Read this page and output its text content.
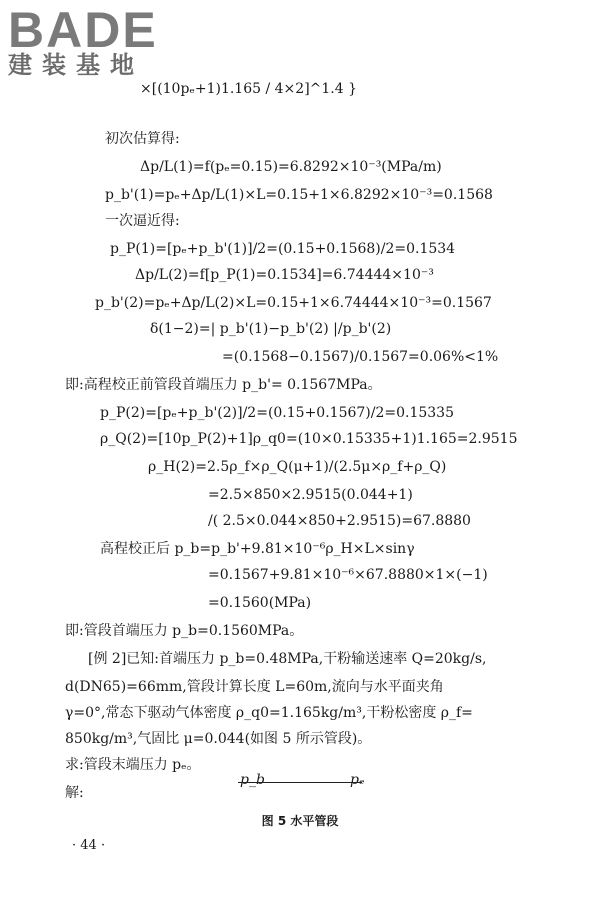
BADE
建装基地
×[(10pₑ+1)1.165 / 4×2]^1.4 }
初次估算得:
Δp/L(1)=f(pₑ=0.15)=6.8292×10⁻³(MPa/m)
p_b'(1)=pₑ+Δp/L(1)×L=0.15+1×6.8292×10⁻³=0.1568
一次逼近得:
p_P(1)=[pₑ+p_b'(1)]/2=(0.15+0.1568)/2=0.1534
Δp/L(2)=f[p_P(1)=0.1534]=6.74444×10⁻³
p_b'(2)=pₑ+Δp/L(2)×L=0.15+1×6.74444×10⁻³=0.1567
δ(1−2)=| p_b'(1)−p_b'(2) |/p_b'(2)
=(0.1568−0.1567)/0.1567=0.06%<1%
即:高程校正前管段首端压力 p_b'= 0.1567MPa。
p_P(2)=[pₑ+p_b'(2)]/2=(0.15+0.1567)/2=0.15335
ρ_Q(2)=[10p_P(2)+1]ρ_q0=(10×0.15335+1)1.165=2.9515
ρ_H(2)=2.5ρ_f×ρ_Q(μ+1)/(2.5μ×ρ_f+ρ_Q)
=2.5×850×2.9515(0.044+1)
/( 2.5×0.044×850+2.9515)=67.8880
高程校正后 p_b=p_b'+9.81×10⁻⁶ρ_H×L×sinγ
=0.1567+9.81×10⁻⁶×67.8880×1×(−1)
=0.1560(MPa)
即:管段首端压力 p_b=0.1560MPa。
[例 2]已知:首端压力 p_b=0.48MPa,干粉输送速率 Q=20kg/s,
d(DN65)=66mm,管段计算长度 L=60m,流向与水平面夹角
γ=0°,常态下驱动气体密度 ρ_q0=1.165kg/m³,干粉松密度 ρ_f=
850kg/m³,气固比 μ=0.044(如图 5 所示管段)。
求:管段末端压力 pₑ。
解:
p_b	pₑ
图 5 水平管段
· 44 ·
